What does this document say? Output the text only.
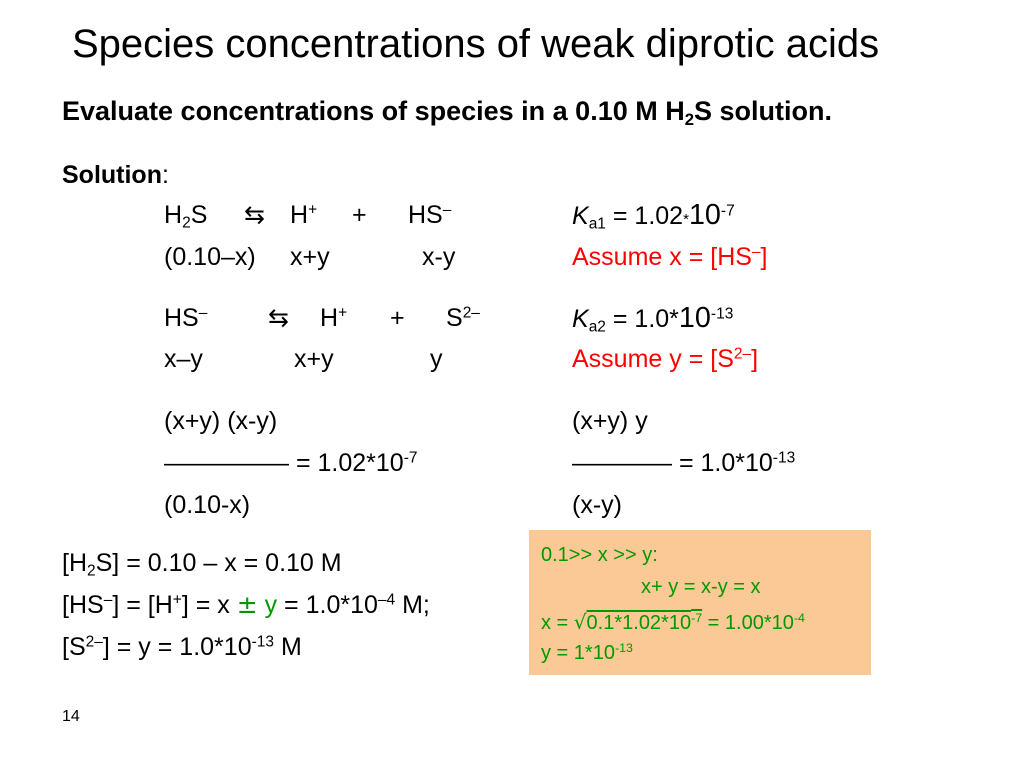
Species concentrations of weak diprotic acids
Evaluate concentrations of species in a 0.10 M $H_2S$ solution.
Solution:
$H_2S$ ⇆ H+ + HS–	$K_{a1} = 1.02*10^{-7}$
(0.10–x) x+y	x-y	Assume x = [HS–]
HS– ⇆ $H^+ + S^{2-}$	$K_{a2} = 1.0*10^{-13}$
x–y	x+y	y	Assume $y = [S^{2-}]$
(x+y) (x-y)
————— = $1.02*10^{-7}$
(0.10-x)
(x+y) y
———— = $1.0*10^{-13}$
(x-y)
$[H_2S] = 0.10 - x = 0.10$ M
$[HS^-] = [H^+] = x \pm y = 1.0*10^{-4}$ M;
$[S^{2-}] = y = 1.0*10^{-13}$ M
0.1>> x >> y:
x+ y = x-y = x
$x = √0.1*1.02*10^{-7} = 1.00*10^{-4}$
$y = 1*10^{-13}$
14
